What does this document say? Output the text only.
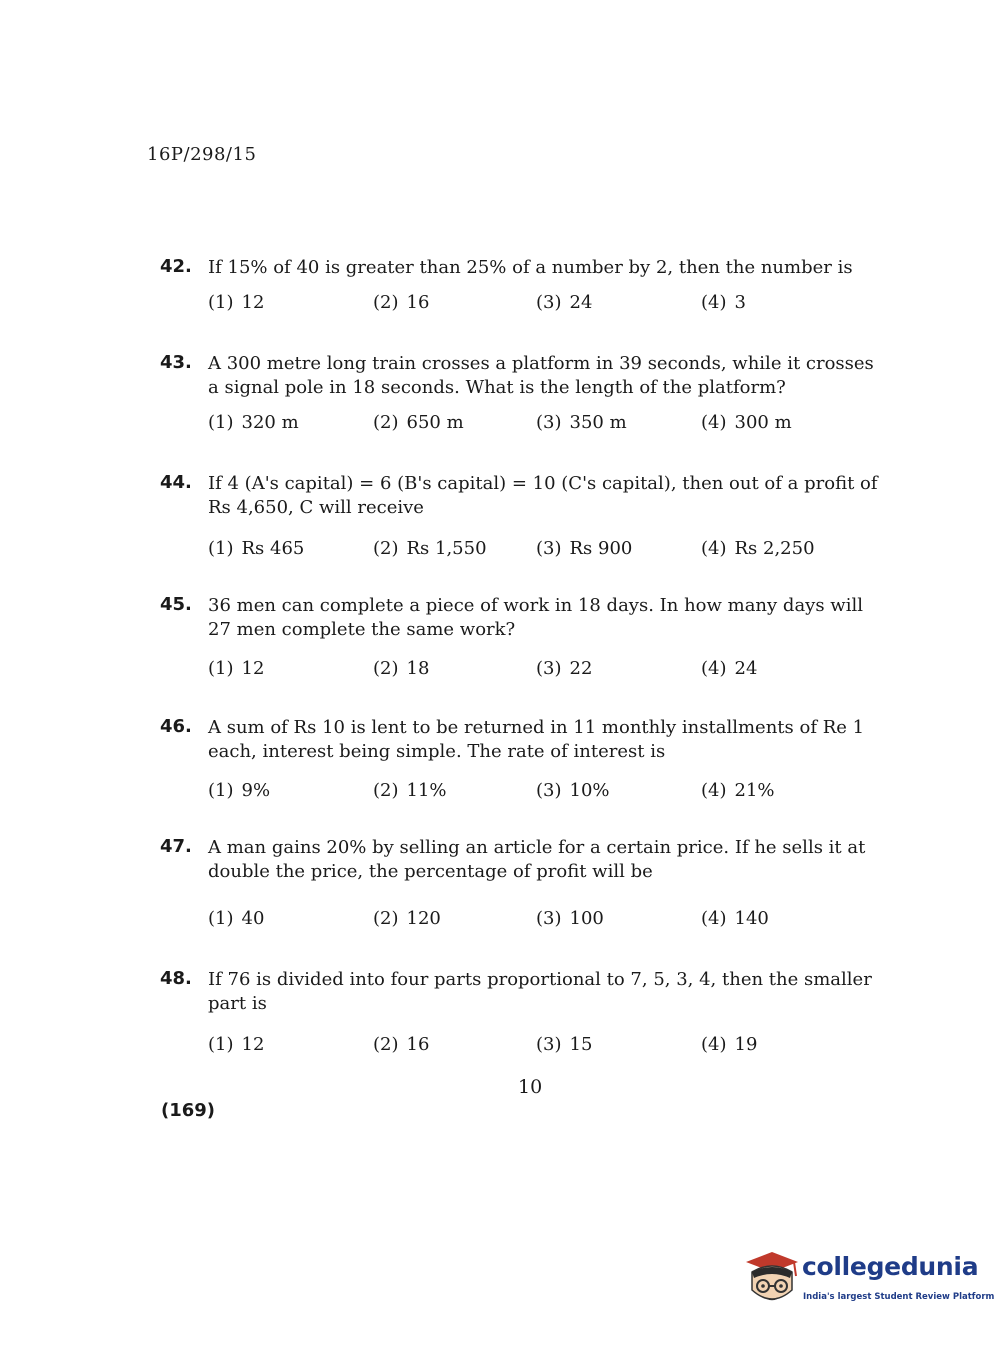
16P/298/15
42. If 15% of 40 is greater than 25% of a number by 2, then the number is
(1) 12	(2) 16	(3) 24	(4) 3
43. A 300 metre long train crosses a platform in 39 seconds, while it crosses a signal pole in 18 seconds. What is the length of the platform?
(1) 320 m	(2) 650 m	(3) 350 m	(4) 300 m
44. If 4 (A's capital) = 6 (B's capital) = 10 (C's capital), then out of a profit of Rs 4,650, C will receive
(1) Rs 465	(2) Rs 1,550	(3) Rs 900	(4) Rs 2,250
45. 36 men can complete a piece of work in 18 days. In how many days will 27 men complete the same work?
(1) 12	(2) 18	(3) 22	(4) 24
46. A sum of Rs 10 is lent to be returned in 11 monthly installments of Re 1 each, interest being simple. The rate of interest is
(1) 9%	(2) 11%	(3) 10%	(4) 21%
47. A man gains 20% by selling an article for a certain price. If he sells it at double the price, the percentage of profit will be
(1) 40	(2) 120	(3) 100	(4) 140
48. If 76 is divided into four parts proportional to 7, 5, 3, 4, then the smaller part is
(1) 12	(2) 16	(3) 15	(4) 19
10
(169)
collegedunia
India's largest Student Review Platform
